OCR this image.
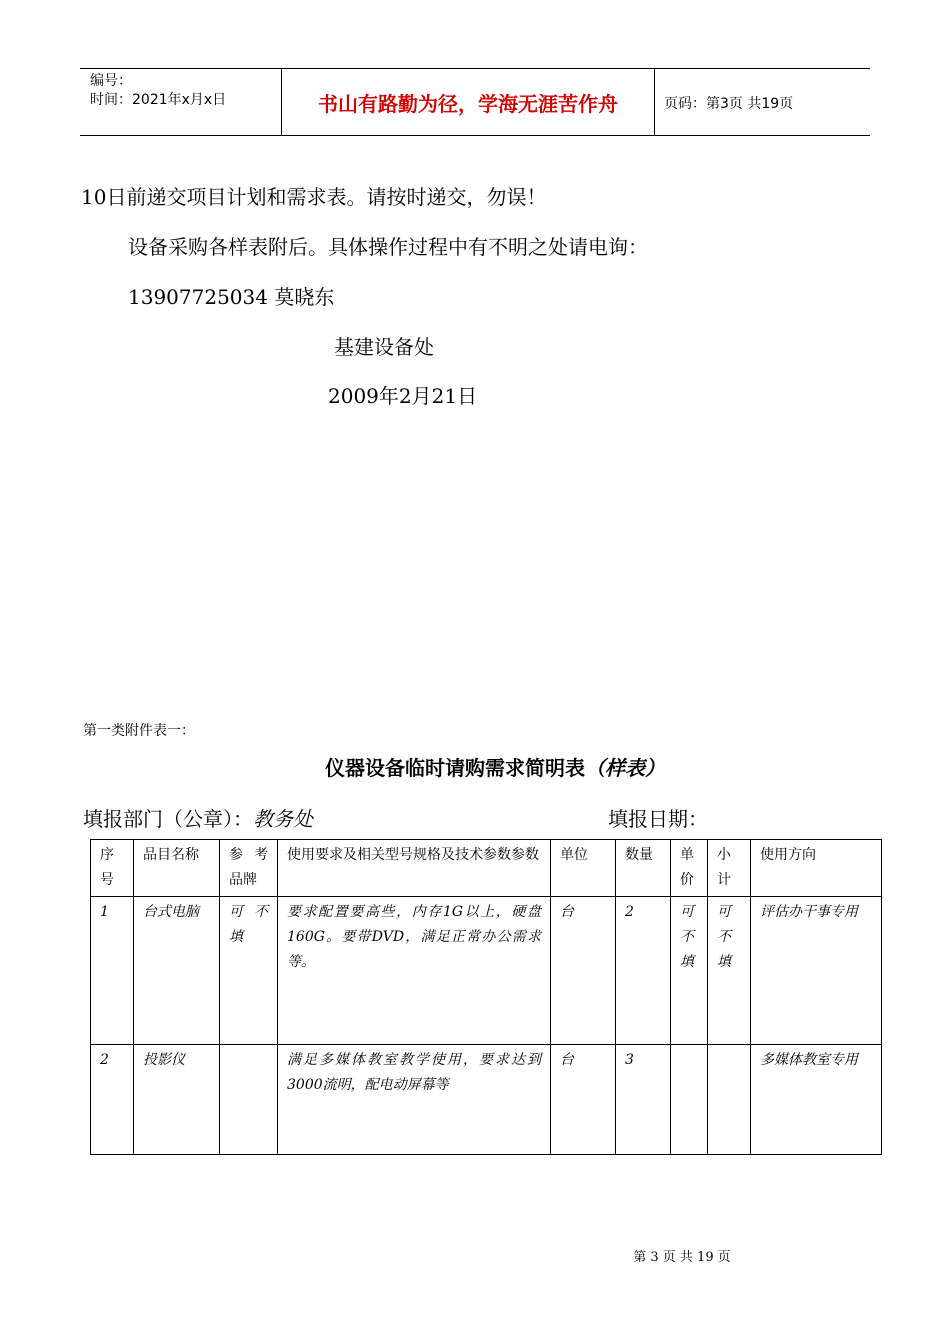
编号：
时间：2021年x月x日	书山有路勤为径，学海无涯苦作舟	页码：第3页 共19页
10日前递交项目计划和需求表。请按时递交，勿误！
设备采购各样表附后。具体操作过程中有不明之处请电询：
13907725034 莫晓东
基建设备处
2009年2月21日
第一类附件表一：
仪器设备临时请购需求简明表（样表）
填报部门（公章）：教务处	填报日期：
序号	品目名称	参考品牌	使用要求及相关型号规格及技术参数参数	单位	数量	单价	小计	使用方向
1	台式电脑	可不填	要求配置要高些，内存1G以上，硬盘160G。要带DVD，满足正常办公需求等。	台	2	可不填	可不填	评估办干事专用
2	投影仪		满足多媒体教室教学使用，要求达到3000流明，配电动屏幕等	台	3			多媒体教室专用
第 3 页 共 19 页
